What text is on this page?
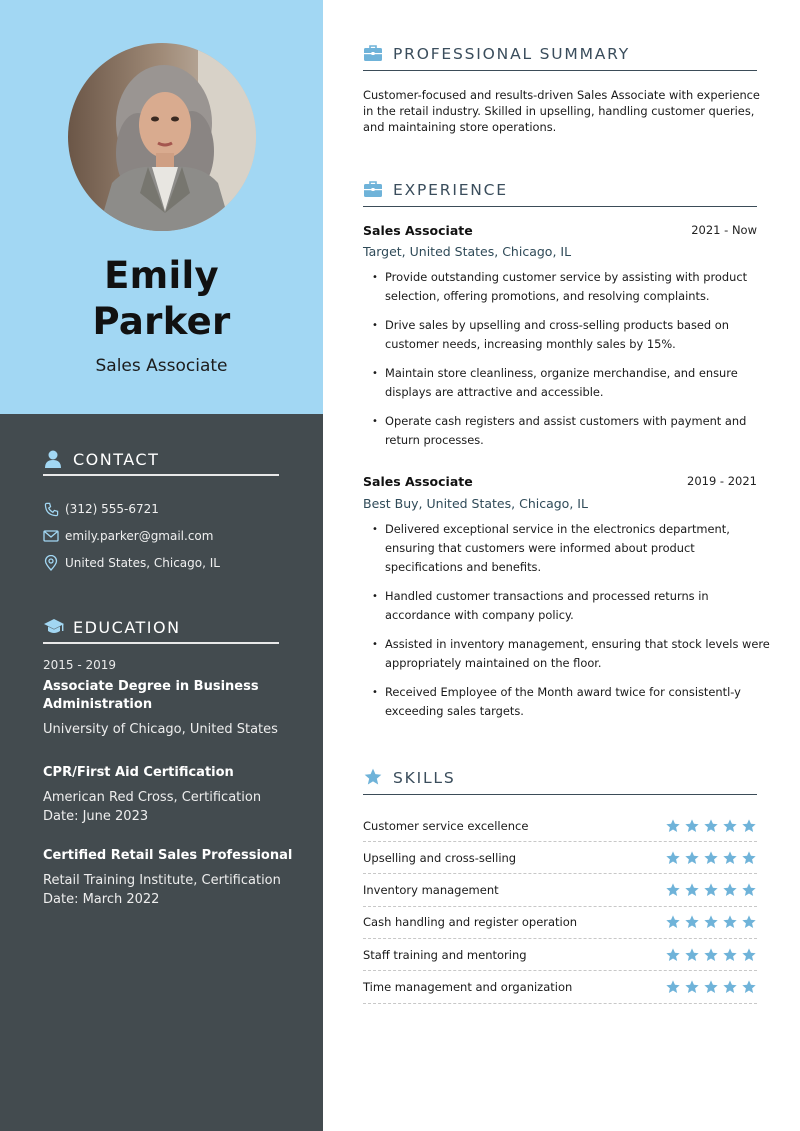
Emily
Parker
Sales Associate
CONTACT
(312) 555-6721
emily.parker@gmail.com
United States, Chicago, IL
EDUCATION
2015 - 2019
Associate Degree in Business
Administration
University of Chicago, United States
CPR/First Aid Certification
American Red Cross, Certification
Date: June 2023
Certified Retail Sales Professional
Retail Training Institute, Certification
Date: March 2022
PROFESSIONAL SUMMARY
Customer-focused and results-driven Sales Associate with experience in the retail industry. Skilled in upselling, handling customer queries, and maintaining store operations.
EXPERIENCE
Sales Associate	2021 - Now
Target, United States, Chicago, IL
• Provide outstanding customer service by assisting with product selection, offering promotions, and resolving complaints.
• Drive sales by upselling and cross-selling products based on customer needs, increasing monthly sales by 15%.
• Maintain store cleanliness, organize merchandise, and ensure displays are attractive and accessible.
• Operate cash registers and assist customers with payment and return processes.
Sales Associate	2019 - 2021
Best Buy, United States, Chicago, IL
• Delivered exceptional service in the electronics department, ensuring that customers were informed about product specifications and benefits.
• Handled customer transactions and processed returns in accordance with company policy.
• Assisted in inventory management, ensuring that stock levels were appropriately maintained on the floor.
• Received Employee of the Month award twice for consistentl-y exceeding sales targets.
SKILLS
Customer service excellence
Upselling and cross-selling
Inventory management
Cash handling and register operation
Staff training and mentoring
Time management and organization
